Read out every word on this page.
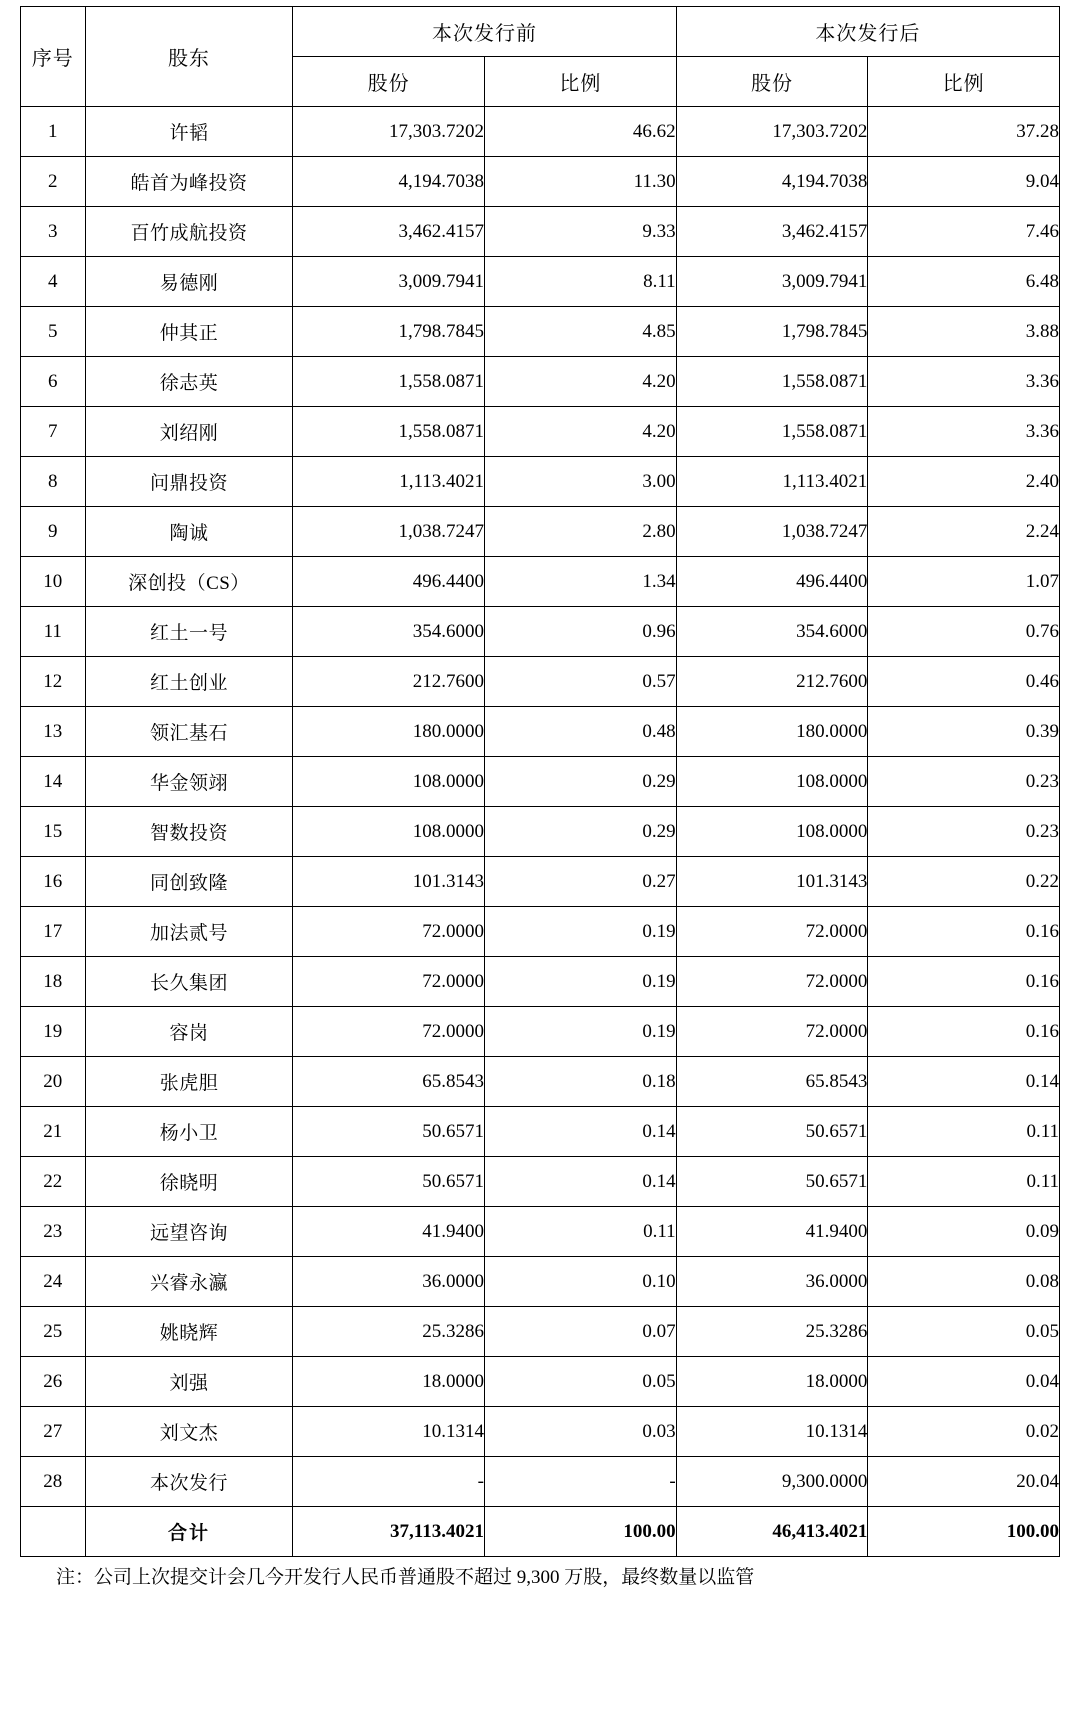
序号	股东	本次发行前		本次发行后	
		股份	比例	股份	比例
1	许韬	17,303.7202	46.62	17,303.7202	37.28
2	皓首为峰投资	4,194.7038	11.30	4,194.7038	9.04
3	百竹成航投资	3,462.4157	9.33	3,462.4157	7.46
4	易德刚	3,009.7941	8.11	3,009.7941	6.48
5	仲其正	1,798.7845	4.85	1,798.7845	3.88
6	徐志英	1,558.0871	4.20	1,558.0871	3.36
7	刘绍刚	1,558.0871	4.20	1,558.0871	3.36
8	问鼎投资	1,113.4021	3.00	1,113.4021	2.40
9	陶诚	1,038.7247	2.80	1,038.7247	2.24
10	深创投（CS）	496.4400	1.34	496.4400	1.07
11	红土一号	354.6000	0.96	354.6000	0.76
12	红土创业	212.7600	0.57	212.7600	0.46
13	领汇基石	180.0000	0.48	180.0000	0.39
14	华金领翊	108.0000	0.29	108.0000	0.23
15	智数投资	108.0000	0.29	108.0000	0.23
16	同创致隆	101.3143	0.27	101.3143	0.22
17	加法贰号	72.0000	0.19	72.0000	0.16
18	长久集团	72.0000	0.19	72.0000	0.16
19	容岗	72.0000	0.19	72.0000	0.16
20	张虎胆	65.8543	0.18	65.8543	0.14
21	杨小卫	50.6571	0.14	50.6571	0.11
22	徐晓明	50.6571	0.14	50.6571	0.11
23	远望咨询	41.9400	0.11	41.9400	0.09
24	兴睿永瀛	36.0000	0.10	36.0000	0.08
25	姚晓辉	25.3286	0.07	25.3286	0.05
26	刘强	18.0000	0.05	18.0000	0.04
27	刘文杰	10.1314	0.03	10.1314	0.02
28	本次发行	-	-	9,300.0000	20.04
	合计	37,113.4021	100.00	46,413.4021	100.00
注：公司上次提交计会几今开发行人民币普通股不超过 9,300 万股，最终数量以监管
